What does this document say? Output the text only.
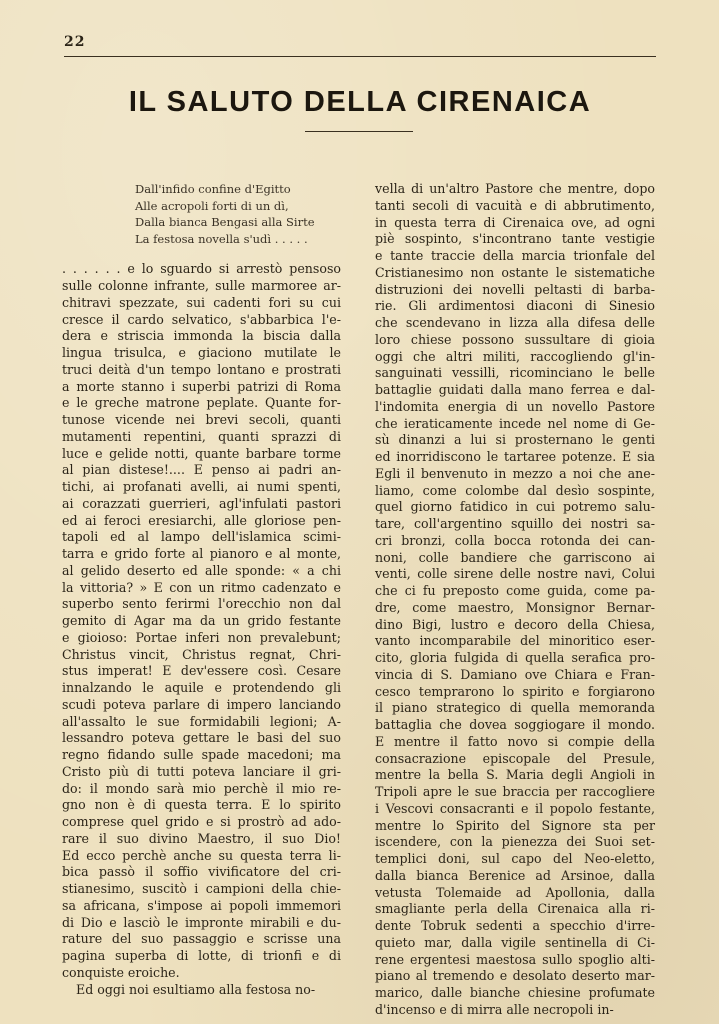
22
IL SALUTO DELLA CIRENAICA
Dall'infido confine d'Egitto
Alle acropoli forti di un dì,
Dalla bianca Bengasi alla Sirte
La festosa novella s'udì . . . . .
. . . . . . e lo sguardo si arrestò pensoso
sulle colonne infrante, sulle marmoree ar-
chitravi spezzate, sui cadenti fori su cui
cresce il cardo selvatico, s'abbarbica l'e-
dera e striscia immonda la biscia dalla
lingua trisulca, e giaciono mutilate le
truci deità d'un tempo lontano e prostrati
a morte stanno i superbi patrizi di Roma
e le greche matrone peplate. Quante for-
tunose vicende nei brevi secoli, quanti
mutamenti repentini, quanti sprazzi di
luce e gelide notti, quante barbare torme
al pian distese!.... E penso ai padri an-
tichi, ai profanati avelli, ai numi spenti,
ai corazzati guerrieri, agl'infulati pastori
ed ai feroci eresiarchi, alle gloriose pen-
tapoli ed al lampo dell'islamica scimi-
tarra e grido forte al pianoro e al monte,
al gelido deserto ed alle sponde: « a chi
la vittoria? » E con un ritmo cadenzato e
superbo sento ferirmi l'orecchio non dal
gemito di Agar ma da un grido festante
e gioioso: Portae inferi non prevalebunt;
Christus vincit, Christus regnat, Chri-
stus imperat! E dev'essere così. Cesare
innalzando le aquile e protendendo gli
scudi poteva parlare di impero lanciando
all'assalto le sue formidabili legioni; A-
lessandro poteva gettare le basi del suo
regno fidando sulle spade macedoni; ma
Cristo più di tutti poteva lanciare il gri-
do: il mondo sarà mio perchè il mio re-
gno non è di questa terra. E lo spirito
comprese quel grido e si prostrò ad ado-
rare il suo divino Maestro, il suo Dio!
Ed ecco perchè anche su questa terra li-
bica passò il soffio vivificatore del cri-
stianesimo, suscitò i campioni della chie-
sa africana, s'impose ai popoli immemori
di Dio e lasciò le impronte mirabili e du-
rature del suo passaggio e scrisse una
pagina superba di lotte, di trionfi e di
conquiste eroiche.
Ed oggi noi esultiamo alla festosa no-
vella di un'altro Pastore che mentre, dopo
tanti secoli di vacuità e di abbrutimento,
in questa terra di Cirenaica ove, ad ogni
piè sospinto, s'incontrano tante vestigie
e tante traccie della marcia trionfale del
Cristianesimo non ostante le sistematiche
distruzioni dei novelli peltasti di barba-
rie. Gli ardimentosi diaconi di Sinesio
che scendevano in lizza alla difesa delle
loro chiese possono sussultare di gioia
oggi che altri militi, raccogliendo gl'in-
sanguinati vessilli, ricominciano le belle
battaglie guidati dalla mano ferrea e dal-
l'indomita energia di un novello Pastore
che ieraticamente incede nel nome di Ge-
sù dinanzi a lui si prosternano le genti
ed inorridiscono le tartaree potenze. E sia
Egli il benvenuto in mezzo a noi che ane-
liamo, come colombe dal desìo sospinte,
quel giorno fatidico in cui potremo salu-
tare, coll'argentino squillo dei nostri sa-
cri bronzi, colla bocca rotonda dei can-
noni, colle bandiere che garriscono ai
venti, colle sirene delle nostre navi, Colui
che ci fu preposto come guida, come pa-
dre, come maestro, Monsignor Bernar-
dino Bigi, lustro e decoro della Chiesa,
vanto incomparabile del minoritico eser-
cito, gloria fulgida di quella serafica pro-
vincia di S. Damiano ove Chiara e Fran-
cesco temprarono lo spirito e forgiarono
il piano strategico di quella memoranda
battaglia che dovea soggiogare il mondo.
E mentre il fatto novo si compie della
consacrazione episcopale del Presule,
mentre la bella S. Maria degli Angioli in
Tripoli apre le sue braccia per raccogliere
i Vescovi consacranti e il popolo festante,
mentre lo Spirito del Signore sta per
iscendere, con la pienezza dei Suoi set-
templici doni, sul capo del Neo-eletto,
dalla bianca Berenice ad Arsinoe, dalla
vetusta Tolemaide ad Apollonia, dalla
smagliante perla della Cirenaica alla ri-
dente Tobruk sedenti a specchio d'irre-
quieto mar, dalla vigile sentinella di Ci-
rene ergentesi maestosa sullo spoglio alti-
piano al tremendo e desolato deserto mar-
marico, dalle bianche chiesine profumate
d'incenso e di mirra alle necropoli in-
